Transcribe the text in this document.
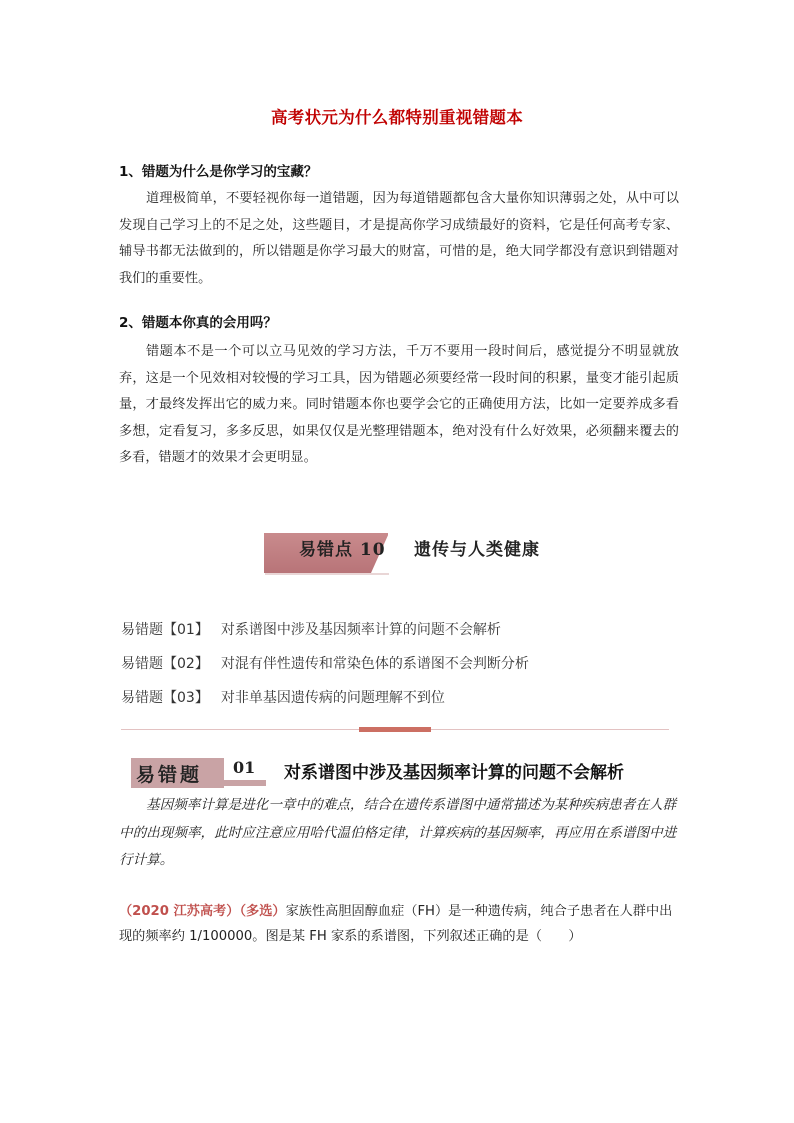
高考状元为什么都特别重视错题本
1、错题为什么是你学习的宝藏？
道理极简单，不要轻视你每一道错题，因为每道错题都包含大量你知识薄弱之处，从中可以发现自己学习上的不足之处，这些题目，才是提高你学习成绩最好的资料，它是任何高考专家、辅导书都无法做到的，所以错题是你学习最大的财富，可惜的是，绝大同学都没有意识到错题对我们的重要性。
2、错题本你真的会用吗？
错题本不是一个可以立马见效的学习方法，千万不要用一段时间后，感觉提分不明显就放弃，这是一个见效相对较慢的学习工具，因为错题必须要经常一段时间的积累，量变才能引起质量，才最终发挥出它的威力来。同时错题本你也要学会它的正确使用方法，比如一定要养成多看多想，定看复习，多多反思，如果仅仅是光整理错题本，绝对没有什么好效果，必须翻来覆去的多看，错题才的效果才会更明显。
易错点 10 遗传与人类健康
易错题【01】 对系谱图中涉及基因频率计算的问题不会解析
易错题【02】 对混有伴性遗传和常染色体的系谱图不会判断分析
易错题【03】 对非单基因遗传病的问题理解不到位
易错题 01 对系谱图中涉及基因频率计算的问题不会解析
基因频率计算是进化一章中的难点，结合在遗传系谱图中通常描述为某种疾病患者在人群中的出现频率，此时应注意应用哈代温伯格定律，计算疾病的基因频率，再应用在系谱图中进行计算。
（2020 江苏高考）（多选）家族性高胆固醇血症（FH）是一种遗传病，纯合子患者在人群中出现的频率约 1/100000。图是某 FH 家系的系谱图，下列叙述正确的是（　　）
